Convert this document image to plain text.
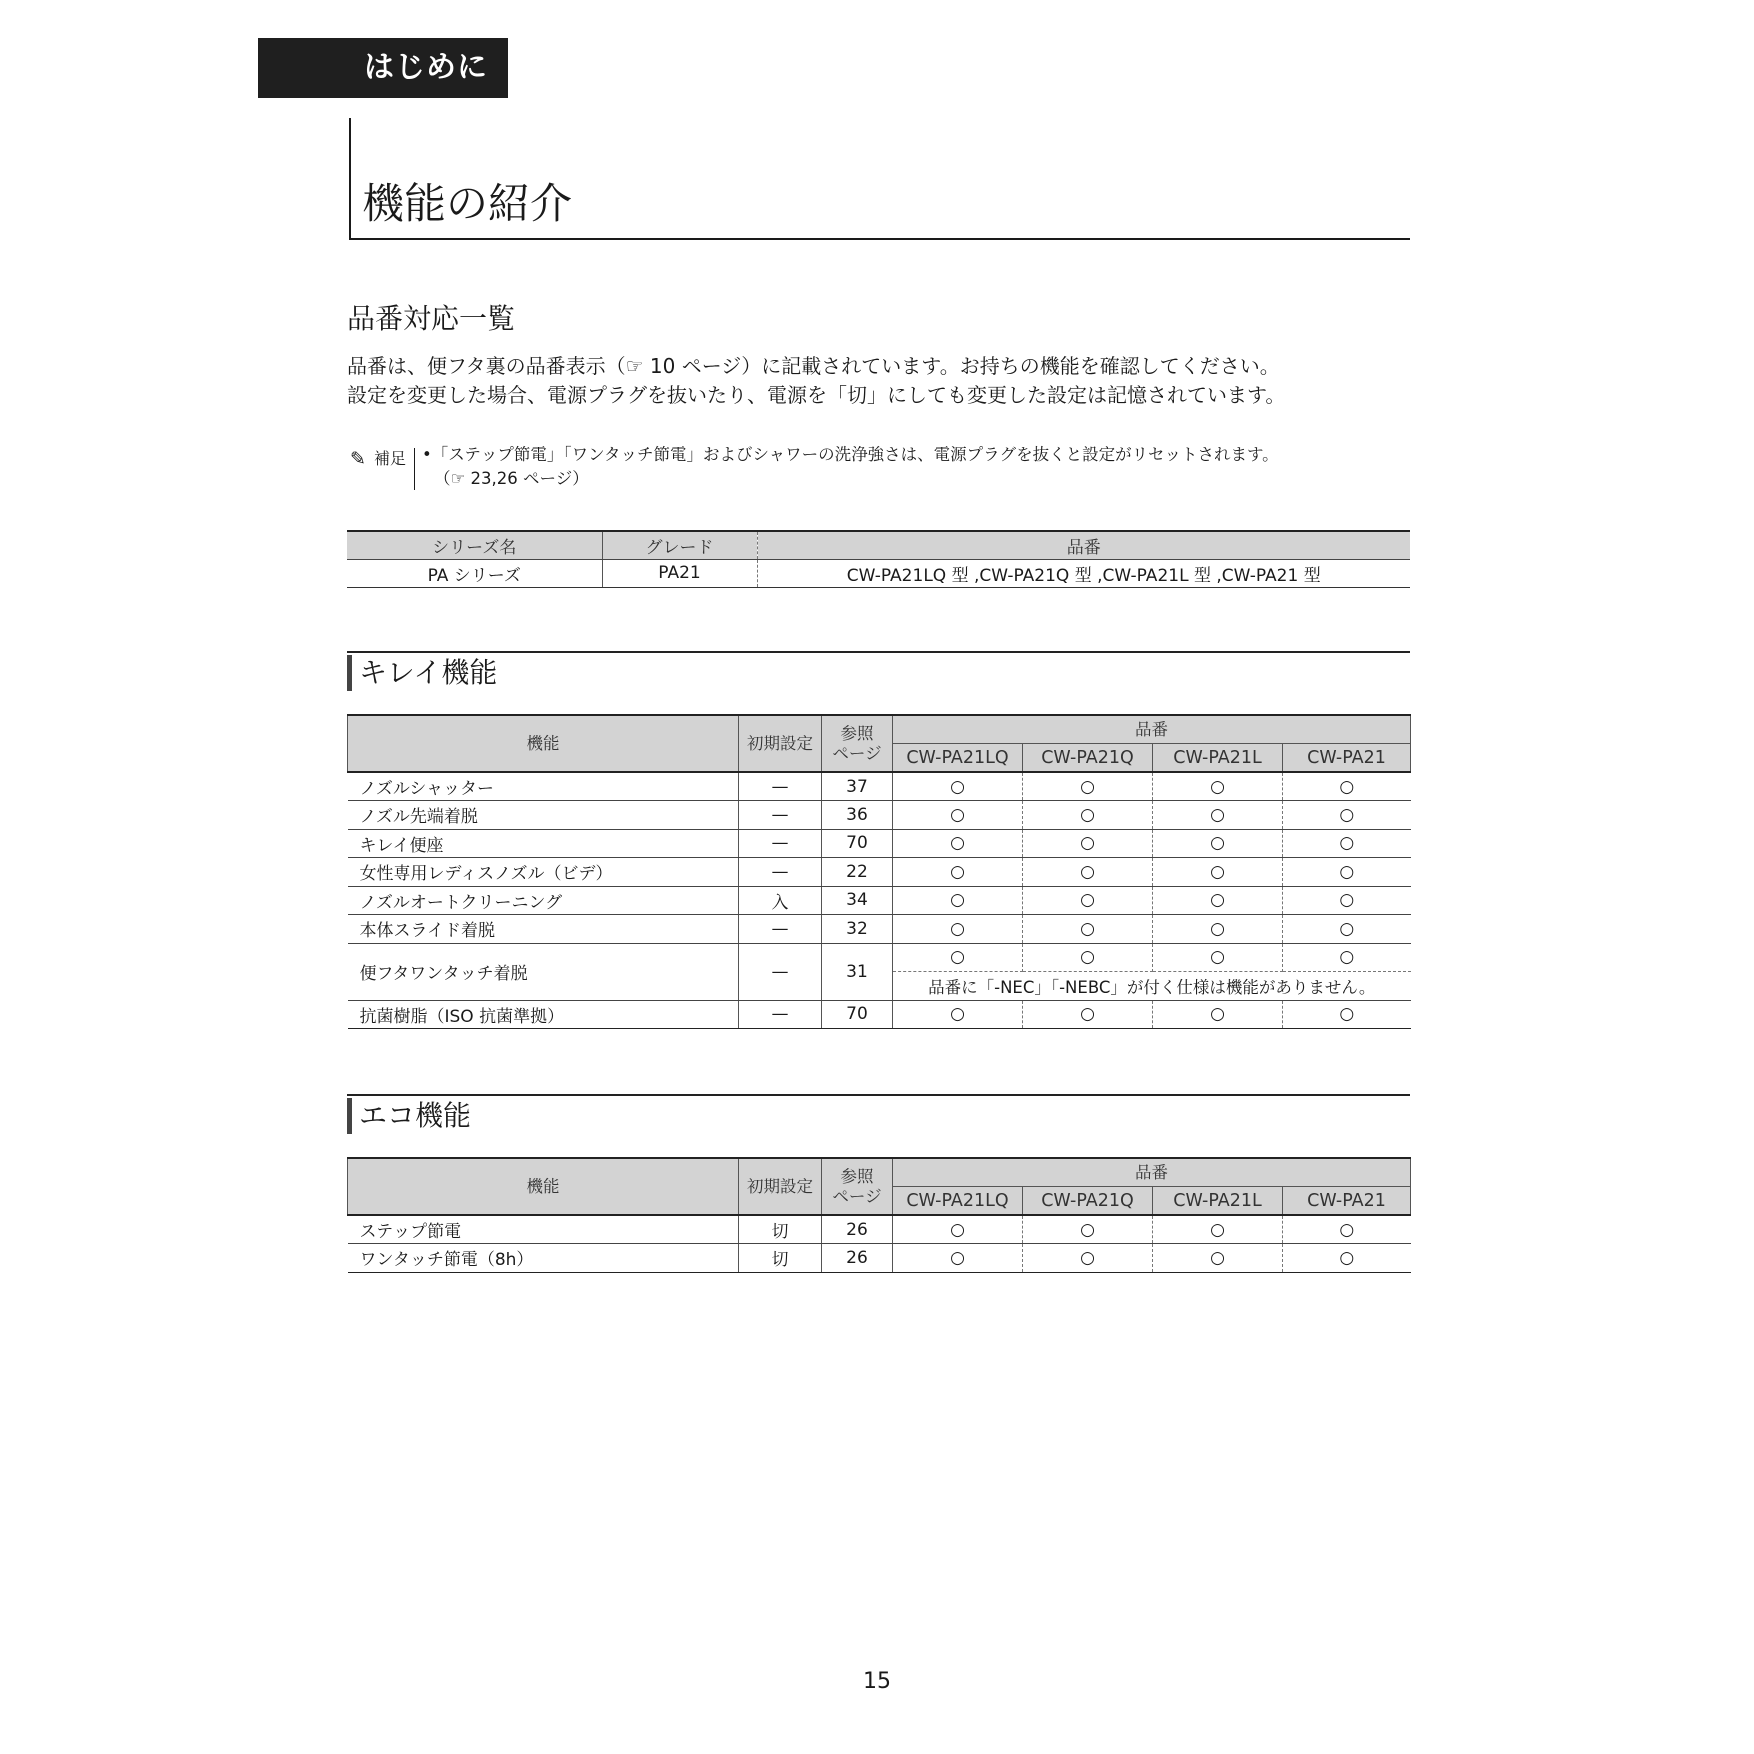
はじめに
機能の紹介
品番対応一覧
品番は、便フタ裏の品番表示（☞ 10 ページ）に記載されています。お持ちの機能を確認してください。
設定を変更した場合、電源プラグを抜いたり、電源を「切」にしても変更した設定は記憶されています。
✎ 補足 •「ステップ節電」「ワンタッチ節電」およびシャワーの洗浄強さは、電源プラグを抜くと設定がリセットされます。
（☞ 23,26 ページ）
シリーズ名	グレード	品番
PA シリーズ	PA21	CW-PA21LQ 型 ,CW-PA21Q 型 ,CW-PA21L 型 ,CW-PA21 型
キレイ機能
機能	初期設定	参照
ページ	品番			
			CW-PA21LQ	CW-PA21Q	CW-PA21L	CW-PA21
ノズルシャッター	—	37	○	○	○	○
ノズル先端着脱	—	36	○	○	○	○
キレイ便座	—	70	○	○	○	○
女性専用レディスノズル（ビデ）	—	22	○	○	○	○
ノズルオートクリーニング	入	34	○	○	○	○
本体スライド着脱	—	32	○	○	○	○
便フタワンタッチ着脱	—	31	○	○	○	○
			品番に「-NEC」「-NEBC」が付く仕様は機能がありません。			
抗菌樹脂（ISO 抗菌準拠）	—	70	○	○	○	○
エコ機能
機能	初期設定	参照
ページ	品番			
			CW-PA21LQ	CW-PA21Q	CW-PA21L	CW-PA21
ステップ節電	切	26	○	○	○	○
ワンタッチ節電（8h）	切	26	○	○	○	○
15
